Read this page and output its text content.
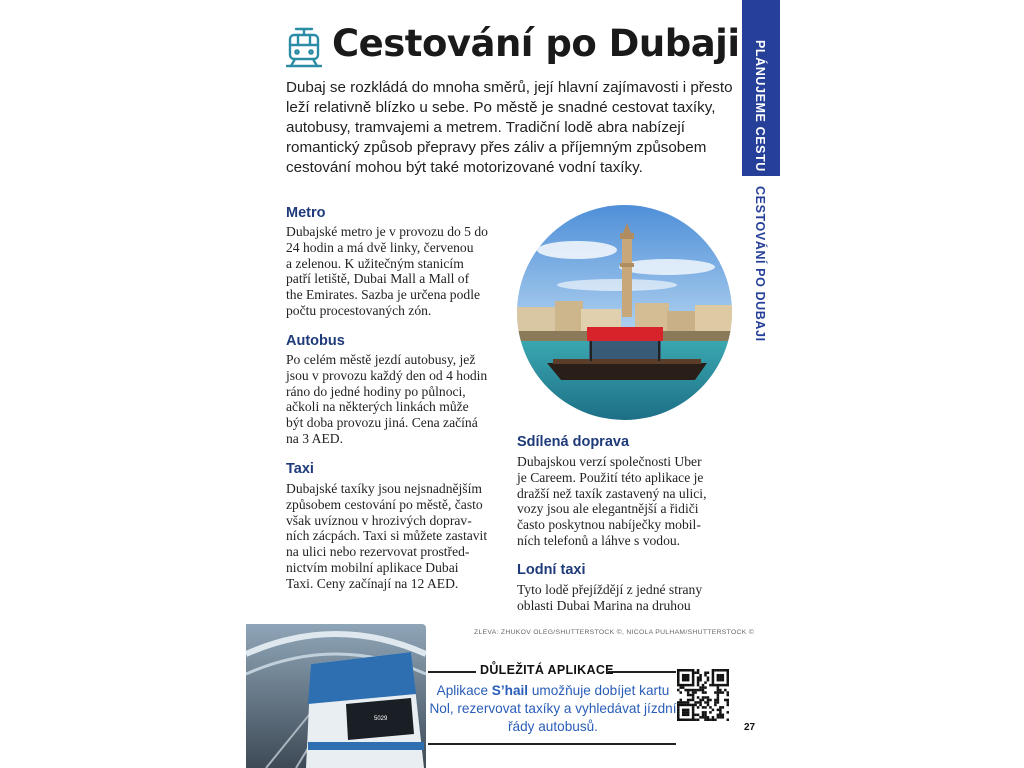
Cestování po Dubaji

Dubaj se rozkládá do mnoha směrů, její hlavní zajímavosti i přesto leží relativně blízko u sebe. Po městě je snadné cestovat taxíky, autobusy, tramvajemi a metrem. Tradiční lodě abra nabízejí romantický způsob přepravy přes záliv a příjemným způsobem cestování mohou být také motorizované vodní taxíky.

Metro

Dubajské metro je v provozu do 5 do
24 hodin a má dvě linky, červenou
a zelenou. K užitečným stanicím
patří letiště, Dubai Mall a Mall of
the Emirates. Sazba je určena podle
počtu procestovaných zón.

Autobus

Po celém městě jezdí autobusy, jež
jsou v provozu každý den od 4 hodin
ráno do jedné hodiny po půlnoci,
ačkoli na některých linkách může
být doba provozu jiná. Cena začíná
na 3 AED.

Taxi

Dubajské taxíky jsou nejsnadnějším
způsobem cestování po městě, často
však uvíznou v hrozivých doprav-
ních zácpách. Taxi si můžete zastavit
na ulici nebo rezervovat prostřed-
nictvím mobilní aplikace Dubai
Taxi. Ceny začínají na 12 AED.

Sdílená doprava

Dubajskou verzí společnosti Uber
je Careem. Použití této aplikace je
dražší než taxík zastavený na ulici,
vozy jsou ale elegantnější a řidiči
často poskytnou nabíječky mobil-
ních telefonů a láhve s vodou.

Lodní taxi

Tyto lodě přejíždějí z jedné strany
oblasti Dubai Marina na druhou

PLÁNUJEME CESTU
CESTOVÁNÍ PO DUBAJI
ZLEVA: ZHUKOV OLEG/SHUTTERSTOCK ©, NICOLA PULHAM/SHUTTERSTOCK ©
5029
DŮLEŽITÁ APLIKACE

Aplikace S’hail umožňuje dobíjet kartu Nol, rezervovat taxíky a vyhledávat jízdní řády autobusů.	27
